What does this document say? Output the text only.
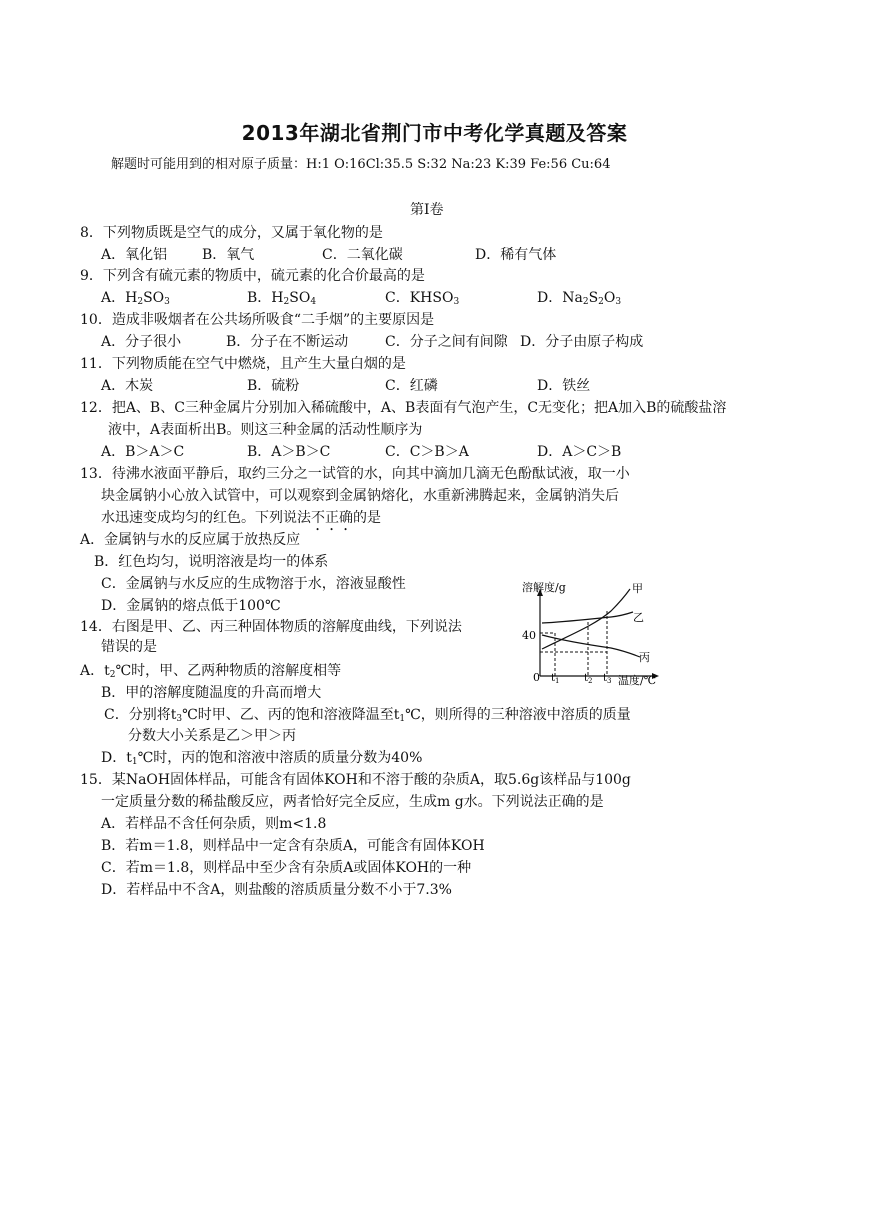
2013年湖北省荆门市中考化学真题及答案
解题时可能用到的相对原子质量：H:1 O:16Cl:35.5 S:32 Na:23 K:39 Fe:56 Cu:64
第Ⅰ卷
8．下列物质既是空气的成分，又属于氧化物的是
A．氧化铝 B．氧气	C．二氧化碳	D．稀有气体
9．下列含有硫元素的物质中，硫元素的化合价最高的是
A．$H_2SO_3$	B．$H_2SO_4$	C．$KHSO_3$	D．$Na_2S_2O_3$
10．造成非吸烟者在公共场所吸食“二手烟”的主要原因是
A．分子很小	B．分子在不断运动	C．分子之间有间隙 D．分子由原子构成
11．下列物质能在空气中燃烧，且产生大量白烟的是
A．木炭	B．硫粉	C．红磷	D．铁丝
12．把A、B、C三种金属片分别加入稀硫酸中，A、B表面有气泡产生，C无变化；把A加入B的硫酸盐溶
液中，A表面析出B。则这三种金属的活动性顺序为
A．B＞A＞C	B．A＞B＞C	C．C＞B＞A	D．A＞C＞B
13．待沸水液面平静后，取约三分之一试管的水，向其中滴加几滴无色酚酞试液，取一小
块金属钠小心放入试管中，可以观察到金属钠熔化，水重新沸腾起来，金属钠消失后
水迅速变成均匀的红色。下列说法不正确的是
A．金属钠与水的反应属于放热反应
B．红色均匀，说明溶液是均一的体系
C．金属钠与水反应的生成物溶于水，溶液显酸性
D．金属钠的熔点低于100℃
14．右图是甲、乙、丙三种固体物质的溶解度曲线，下列说法
错误的是
A．$t_2℃$时，甲、乙两种物质的溶解度相等
B．甲的溶解度随温度的升高而增大
C．分别将$t_3℃$时甲、乙、丙的饱和溶液降温至$t_1℃$，则所得的三种溶液中溶质的质量
分数大小关系是乙＞甲＞丙
D．$t_1℃$时，丙的饱和溶液中溶质的质量分数为40%
溶解度/g
40
0 $t_1$ $t_2$ $t_3$ 温度/℃
甲
乙
丙
15．某NaOH固体样品，可能含有固体KOH和不溶于酸的杂质A，取5.6g该样品与100g
一定质量分数的稀盐酸反应，两者恰好完全反应，生成m g水。下列说法正确的是
A．若样品不含任何杂质，则m<1.8
B．若m＝1.8，则样品中一定含有杂质A，可能含有固体KOH
C．若m＝1.8，则样品中至少含有杂质A或固体KOH的一种
D．若样品中不含A，则盐酸的溶质质量分数不小于7.3%
